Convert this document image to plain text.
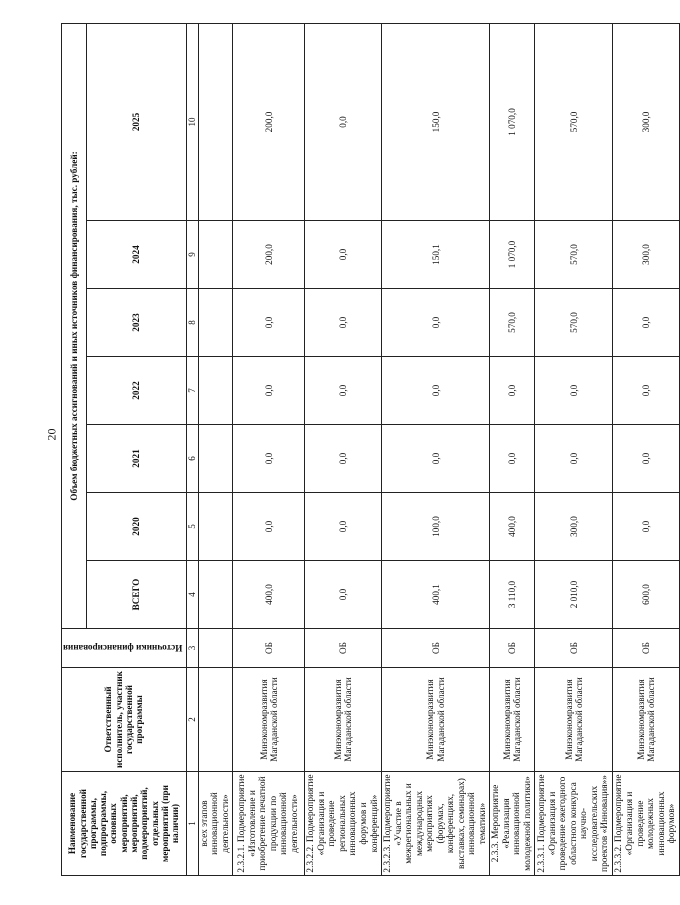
20
Наименование государственной программы, подпрограммы, основных мероприятий, мероприятий, подмероприятий, отдельных мероприятий (при наличии)	Ответственный исполнитель, участник государственной программы	Источники финансирования	Объем бюджетных ассигнований и иных источников финансирования, тыс. рублей:						
			ВСЕГО	2020	2021	2022	2023	2024	2025
1	2	3	4	5	6	7	8	9	10
всех этапов инновационной деятельности»									
2.3.2.1. Подмероприятие «Изготовление и приобретение печатной продукции по инновационной деятельности»	Минэкономразвития Магаданской области	ОБ	400,0	0,0	0,0	0,0	0,0	200,0	200,0
2.3.2.2. Подмероприятие «Организация и проведение региональных инновационных форумов и конференций»	Минэкономразвития Магаданской области	ОБ	0,0	0,0	0,0	0,0	0,0	0,0	0,0
2.3.2.3. Подмероприятие «Участие в межрегиональных и международных мероприятиях (форумах, конференциях, выставках, семинарах) инновационной тематики»	Минэкономразвития Магаданской области	ОБ	400,1	100,0	0,0	0,0	0,0	150,1	150,0
2.3.3. Мероприятие «Реализация инновационной молодежной политики»	Минэкономразвития Магаданской области	ОБ	3 110,0	400,0	0,0	0,0	570,0	1 070,0	1 070,0
2.3.3.1. Подмероприятие «Организация и проведение ежегодного областного конкурса научно-исследовательских проектов «Инновация»»	Минэкономразвития Магаданской области	ОБ	2 010,0	300,0	0,0	0,0	570,0	570,0	570,0
2.3.3.2. Подмероприятие «Организация и проведение молодежных инновационных форумов»	Минэкономразвития Магаданской области	ОБ	600,0	0,0	0,0	0,0	0,0	300,0	300,0
